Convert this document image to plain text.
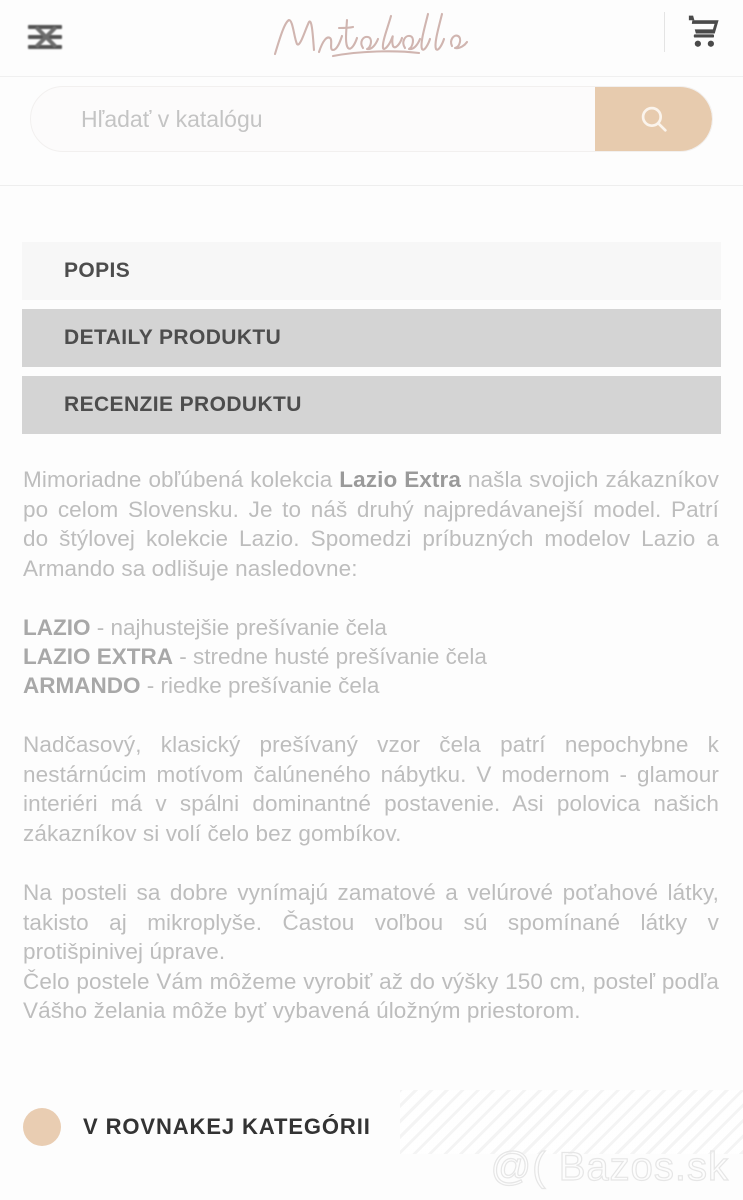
Hľadať v katalógu
POPIS
DETAILY PRODUKTU
RECENZIE PRODUKTU

Mimoriadne obľúbená kolekcia Lazio Extra našla svojich zákazníkov po celom Slovensku. Je to náš druhý najpredávanejší model. Patrí do štýlovej kolekcie Lazio. Spomedzi príbuzných modelov Lazio a Armando sa odlišuje nasledovne:

LAZIO - najhustejšie prešívanie čela
LAZIO EXTRA - stredne husté prešívanie čela
ARMANDO - riedke prešívanie čela

Nadčasový, klasický prešívaný vzor čela patrí nepochybne k nestárnúcim motívom čalúneného nábytku. V modernom - glamour interiéri má v spálni dominantné postavenie. Asi polovica našich zákazníkov si volí čelo bez gombíkov.

Na posteli sa dobre vynímajú zamatové a velúrové poťahové látky, takisto aj mikroplyše. Častou voľbou sú spomínané látky v protišpinivej úprave.

Čelo postele Vám môžeme vyrobiť až do výšky 150 cm, posteľ podľa Vášho želania môže byť vybavená úložným priestorom.

V ROVNAKEJ KATEGÓRII
@( Bazos.sk
